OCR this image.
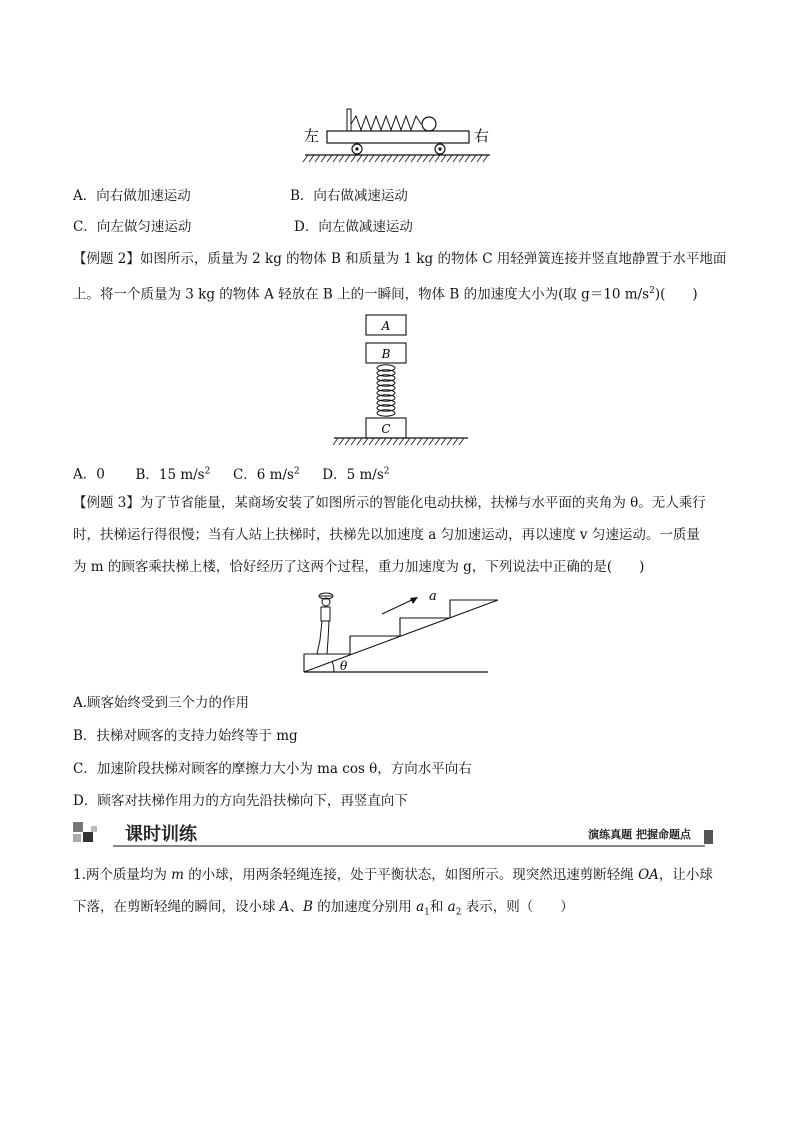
左	右
A．向右做加速运动	B．向右做减速运动
C．向左做匀速运动	D．向左做减速运动
【例题 2】如图所示，质量为 2 kg 的物体 B 和质量为 1 kg 的物体 C 用轻弹簧连接并竖直地静置于水平地面
上。将一个质量为 3 kg 的物体 A 轻放在 B 上的一瞬间，物体 B 的加速度大小为(取 g＝10 $m/s^2$)(　　)
A
B
C
A．0 B．15 $m/s^2$ C．6 $m/s^2$ D．5 $m/s^2$
【例题 3】为了节省能量，某商场安装了如图所示的智能化电动扶梯，扶梯与水平面的夹角为 θ。无人乘行
时，扶梯运行得很慢；当有人站上扶梯时，扶梯先以加速度 a 匀加速运动，再以速度 v 匀速运动。一质量
为 m 的顾客乘扶梯上楼，恰好经历了这两个过程，重力加速度为 g，下列说法中正确的是(　　)
θ
a
A.顾客始终受到三个力的作用
B．扶梯对顾客的支持力始终等于 mg
C．加速阶段扶梯对顾客的摩擦力大小为 ma cos θ，方向水平向右
D．顾客对扶梯作用力的方向先沿扶梯向下，再竖直向下
课时训练	演练真题 把握命题点
1.两个质量均为 m 的小球，用两条轻绳连接，处于平衡状态，如图所示。现突然迅速剪断轻绳 OA，让小球
下落，在剪断轻绳的瞬间，设小球 A、B 的加速度分别用 $a_1$和 $a_2$ 表示，则（　　）
